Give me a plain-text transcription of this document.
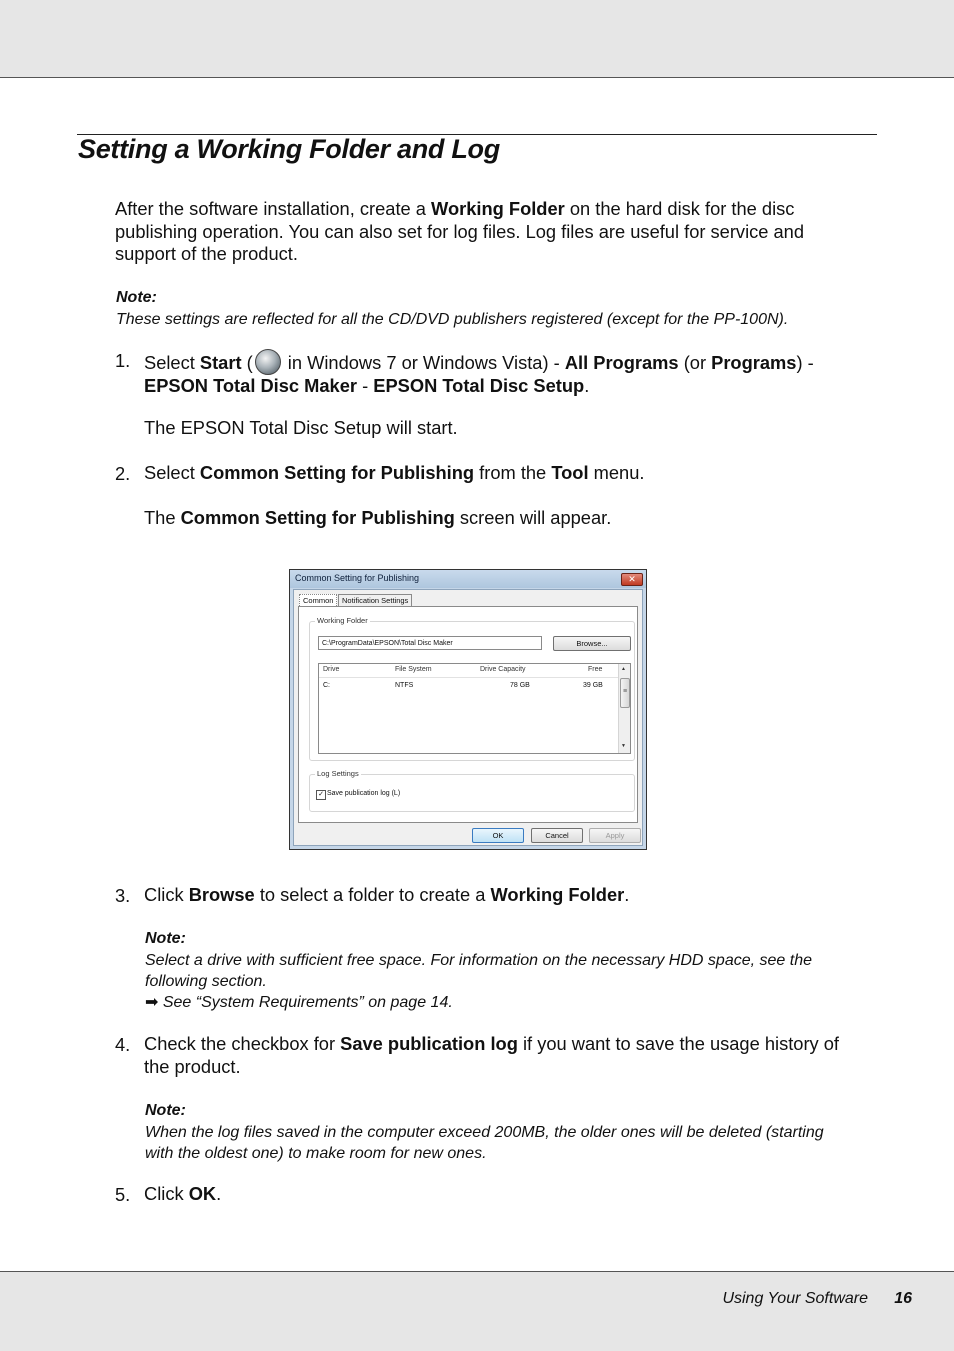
Setting a Working Folder and Log
After the software installation, create a Working Folder on the hard disk for the disc
publishing operation. You can also set for log files. Log files are useful for service and
support of the product.
Note:
These settings are reflected for all the CD/DVD publishers registered (except for the PP-100N).
1. Select Start ( in Windows 7 or Windows Vista) - All Programs (or Programs) -
EPSON Total Disc Maker - EPSON Total Disc Setup.
The EPSON Total Disc Setup will start.
2. Select Common Setting for Publishing from the Tool menu.
The Common Setting for Publishing screen will appear.
Common Setting for Publishing	✕
Common	Notification Settings
Working Folder
C:\ProgramData\EPSON\Total Disc Maker	Browse...
Drive	File System	Drive Capacity	Free
C:	NTFS	78 GB	39 GB
▲
≡
▼
Log Settings
✓ Save publication log (L)
OK	Cancel	Apply
3. Click Browse to select a folder to create a Working Folder.
Note:
Select a drive with sufficient free space. For information on the necessary HDD space, see the
following section.
➡ See “System Requirements” on page 14.
4. Check the checkbox for Save publication log if you want to save the usage history of
the product.
Note:
When the log files saved in the computer exceed 200MB, the older ones will be deleted (starting
with the oldest one) to make room for new ones.
5. Click OK.
Using Your Software 16
